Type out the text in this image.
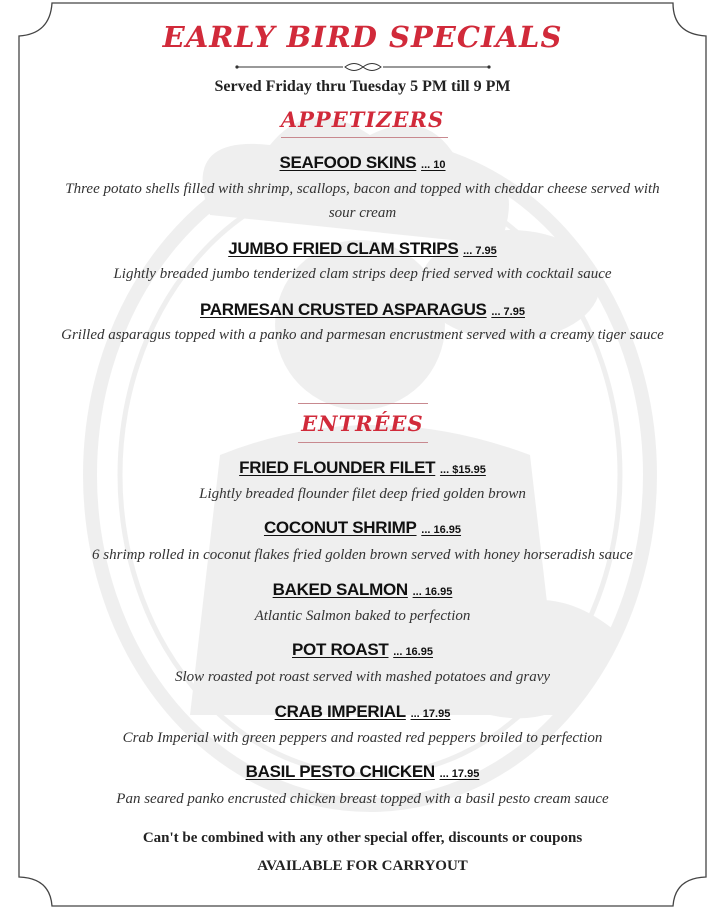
EARLY BIRD SPECIALS
Served Friday thru Tuesday 5 PM till 9 PM
APPETIZERS
SEAFOOD SKINS ... 10
Three potato shells filled with shrimp, scallops, bacon and topped with cheddar cheese served with sour cream
JUMBO FRIED CLAM STRIPS ... 7.95
Lightly breaded jumbo tenderized clam strips deep fried served with cocktail sauce
PARMESAN CRUSTED ASPARAGUS ... 7.95
Grilled asparagus topped with a panko and parmesan encrustment served with a creamy tiger sauce
ENTRÉES
FRIED FLOUNDER FILET ... $15.95
Lightly breaded flounder filet deep fried golden brown
COCONUT SHRIMP ... 16.95
6 shrimp rolled in coconut flakes fried golden brown served with honey horseradish sauce
BAKED SALMON ... 16.95
Atlantic Salmon baked to perfection
POT ROAST ... 16.95
Slow roasted pot roast served with mashed potatoes and gravy
CRAB IMPERIAL ... 17.95
Crab Imperial with green peppers and roasted red peppers broiled to perfection
BASIL PESTO CHICKEN ... 17.95
Pan seared panko encrusted chicken breast topped with a basil pesto cream sauce
Can't be combined with any other special offer, discounts or coupons
AVAILABLE FOR CARRYOUT
